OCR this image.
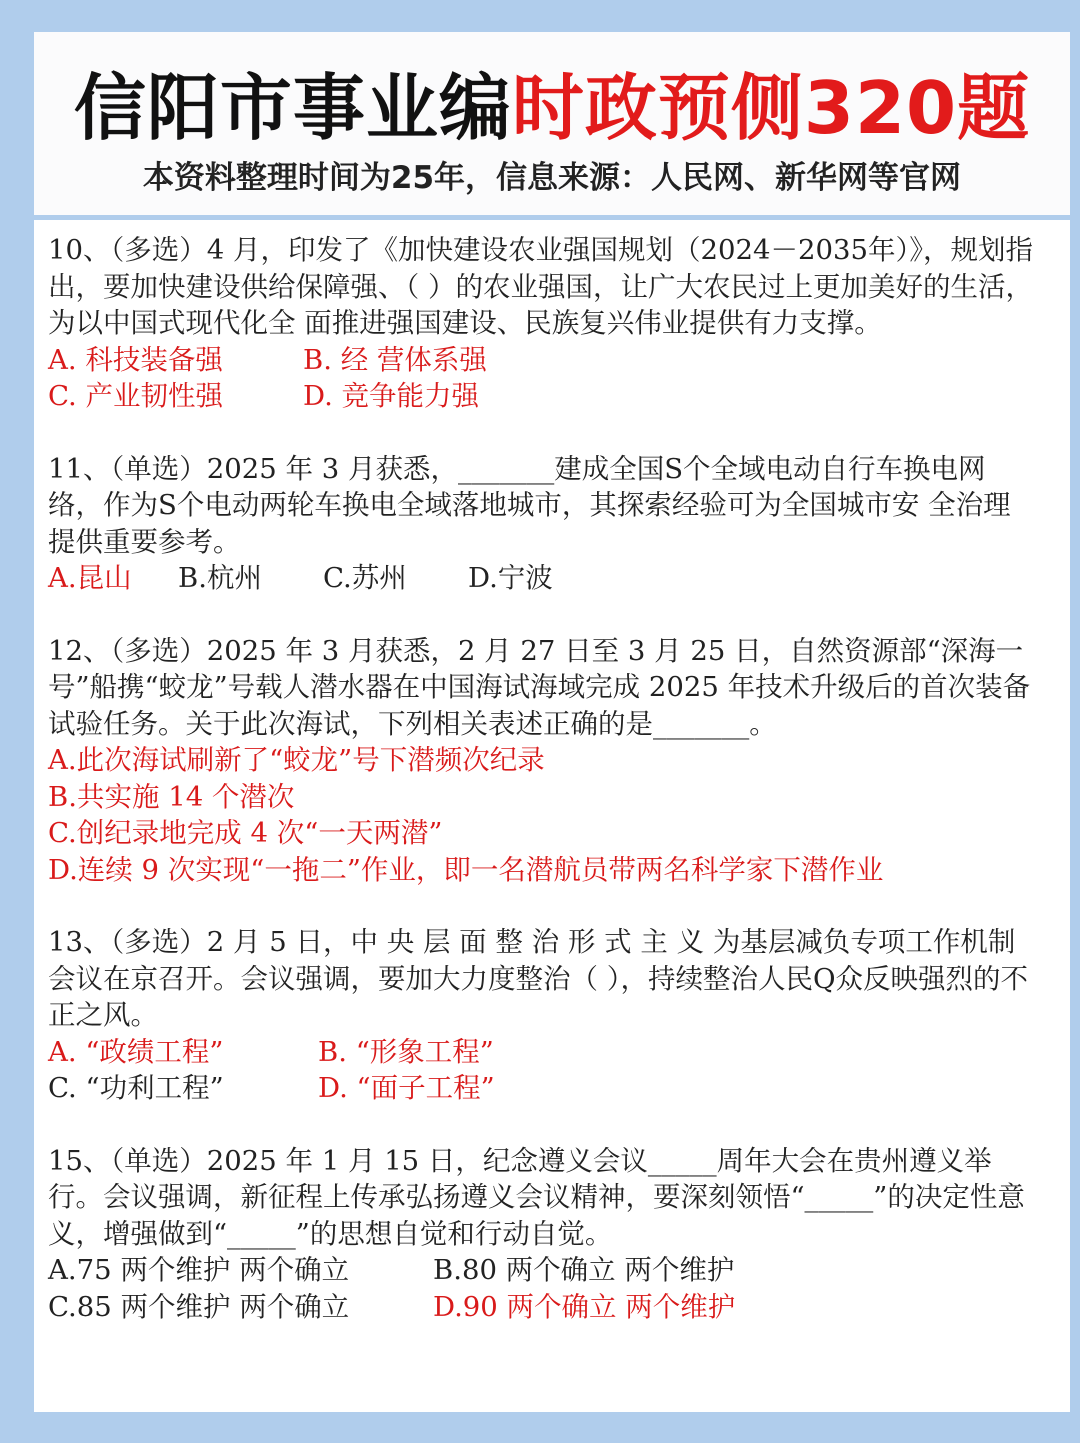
信阳市事业编时政预侧320题
本资料整理时间为25年，信息来源：人民网、新华网等官网

10、（多选）4 月，印发了《加快建设农业强国规划（2024－2035年）》，规划指出，要加快建设供给保障强、（ ）的农业强国，让广大农民过上更加美好的生活，为以中国式现代化全 面推进强国建设、民族复兴伟业提供有力支撑。

A. 科技装备强	B. 经 营体系强
C. 产业韧性强	D. 竞争能力强

11、（单选）2025 年 3 月获悉，_______建成全国S个全域电动自行车换电网络，作为S个电动两轮车换电全域落地城市，其探索经验可为全国城市安 全治理提供重要参考。

A.昆山	B.杭州	C.苏州	D.宁波

12、（多选）2025 年 3 月获悉，2 月 27 日至 3 月 25 日，自然资源部“深海一号”船携“蛟龙”号载人潜水器在中国海试海域完成 2025 年技术升级后的首次装备试验任务。关于此次海试，下列相关表述正确的是_______。

A.此次海试刷新了“蛟龙”号下潜频次纪录
B.共实施 14 个潜次
C.创纪录地完成 4 次“一天两潜”
D.连续 9 次实现“一拖二”作业，即一名潜航员带两名科学家下潜作业

13、（多选）2 月 5 日，中 央 层 面 整 治 形 式 主 义 为基层减负专项工作机制会议在京召开。会议强调，要加大力度整治（ ），持续整治人民Q众反映强烈的不正之风。

A. “政绩工程”	B. “形象工程”
C. “功利工程”	D. “面子工程”

15、（单选）2025 年 1 月 15 日，纪念遵义会议_____周年大会在贵州遵义举行。会议强调，新征程上传承弘扬遵义会议精神，要深刻领悟“_____”的决定性意义，增强做到“_____”的思想自觉和行动自觉。

A.75 两个维护 两个确立	B.80 两个确立 两个维护
C.85 两个维护 两个确立	D.90 两个确立 两个维护
